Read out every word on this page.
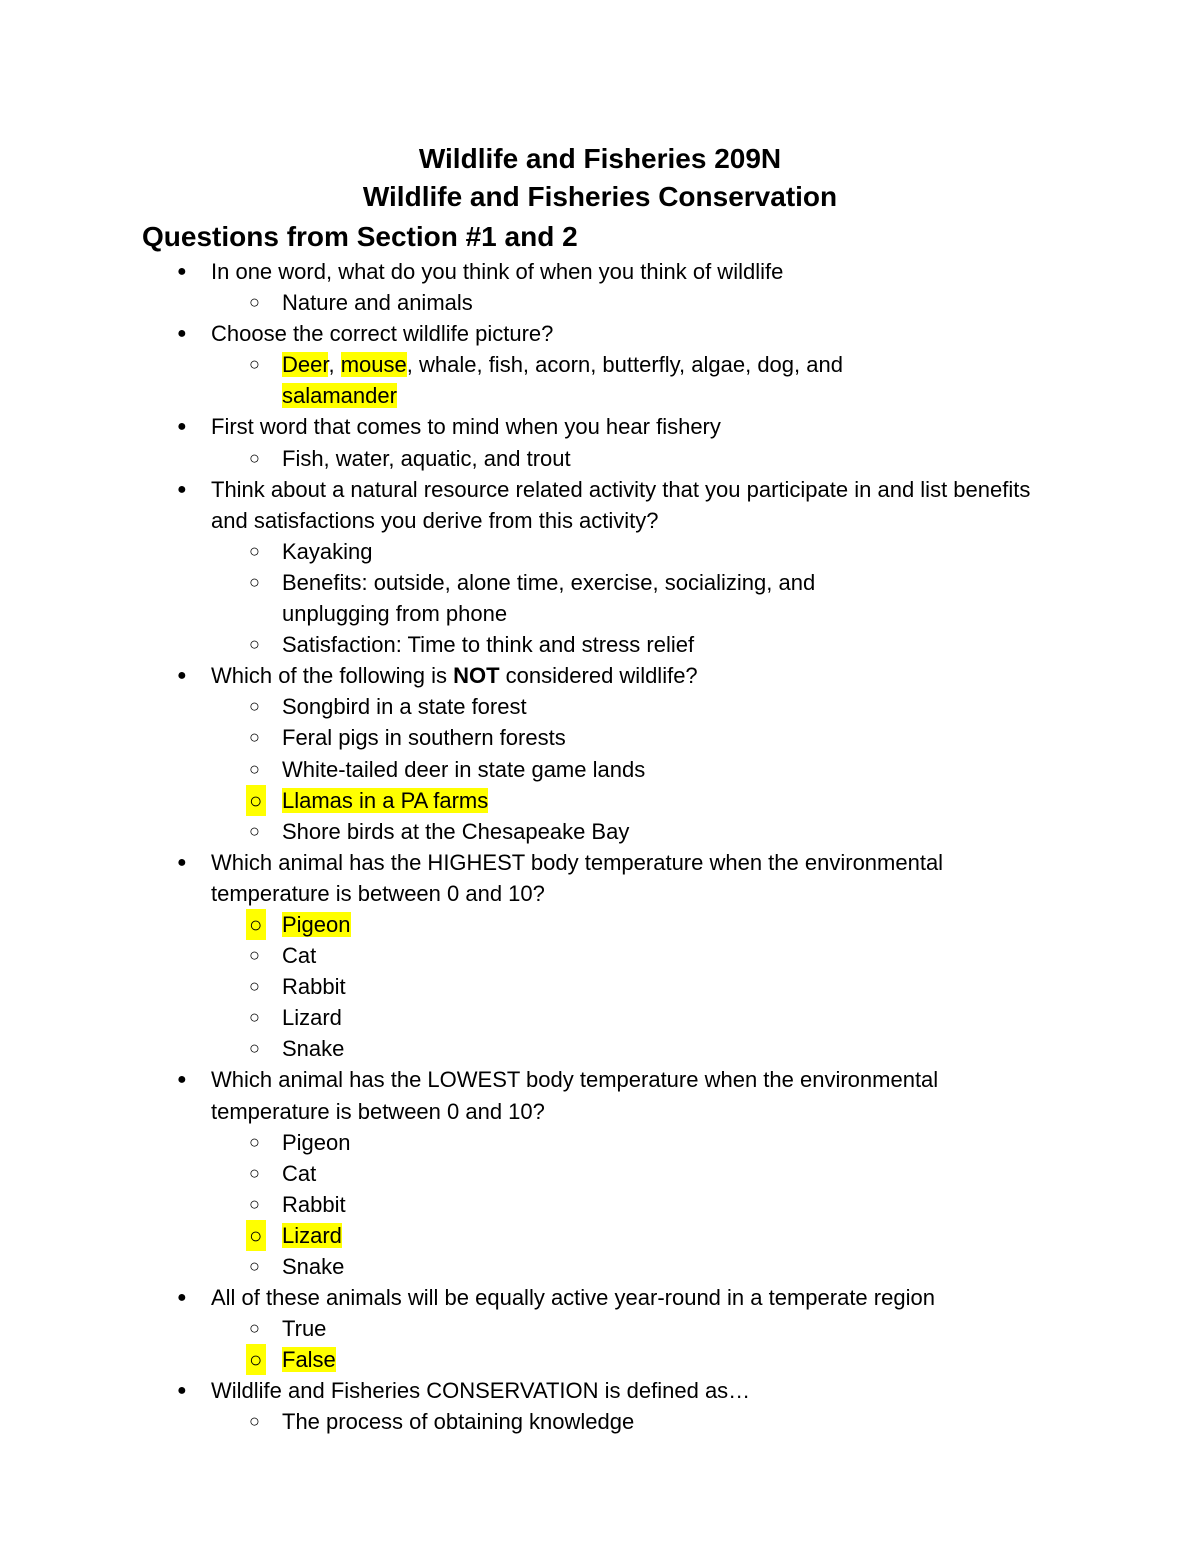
Wildlife and Fisheries 209N
Wildlife and Fisheries Conservation
Questions from Section #1 and 2
●	In one word, what do you think of when you think of wildlife
○ Nature and animals
●	Choose the correct wildlife picture?
○ Deer, mouse, whale, fish, acorn, butterfly, algae, dog, and salamander
●	First word that comes to mind when you hear fishery
○ Fish, water, aquatic, and trout
●	Think about a natural resource related activity that you participate in and list benefits and satisfactions you derive from this activity?
○ Kayaking
○ Benefits: outside, alone time, exercise, socializing, and unplugging from phone
○ Satisfaction: Time to think and stress relief
●	Which of the following is NOT considered wildlife?
○ Songbird in a state forest
○ Feral pigs in southern forests
○ White-tailed deer in state game lands
○ Llamas in a PA farms
○ Shore birds at the Chesapeake Bay
●	Which animal has the HIGHEST body temperature when the environmental temperature is between 0 and 10?
○ Pigeon
○ Cat
○ Rabbit
○ Lizard
○ Snake
●	Which animal has the LOWEST body temperature when the environmental temperature is between 0 and 10?
○ Pigeon
○ Cat
○ Rabbit
○ Lizard
○ Snake
●	All of these animals will be equally active year-round in a temperate region
○ True
○ False
●	Wildlife and Fisheries CONSERVATION is defined as…
○ The process of obtaining knowledge
